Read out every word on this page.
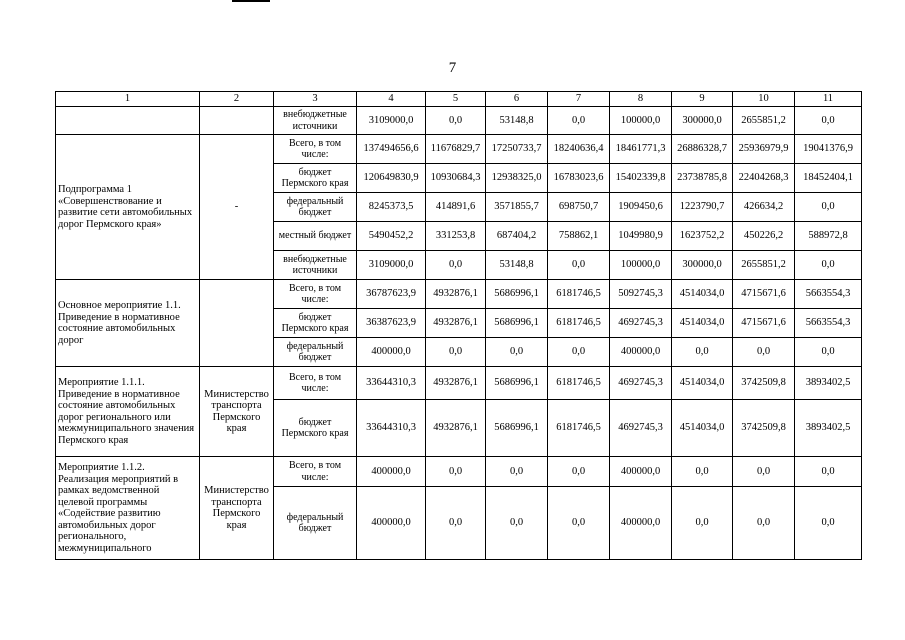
7
1	2	3	4	5	6	7	8	9	10	11
		внебюджетные источники	3109000,0	0,0	53148,8	0,0	100000,0	300000,0	2655851,2	0,0
Подпрограмма 1 «Совершенствование и развитие сети автомобильных дорог Пермского края»	-	Всего, в том числе:	137494656,6	11676829,7	17250733,7	18240636,4	18461771,3	26886328,7	25936979,9	19041376,9
		бюджет Пермского края	120649830,9	10930684,3	12938325,0	16783023,6	15402339,8	23738785,8	22404268,3	18452404,1
		федеральный бюджет	8245373,5	414891,6	3571855,7	698750,7	1909450,6	1223790,7	426634,2	0,0
		местный бюджет	5490452,2	331253,8	687404,2	758862,1	1049980,9	1623752,2	450226,2	588972,8
		внебюджетные источники	3109000,0	0,0	53148,8	0,0	100000,0	300000,0	2655851,2	0,0
Основное мероприятие 1.1. Приведение в нормативное состояние автомобильных дорог		Всего, в том числе:	36787623,9	4932876,1	5686996,1	6181746,5	5092745,3	4514034,0	4715671,6	5663554,3
		бюджет Пермского края	36387623,9	4932876,1	5686996,1	6181746,5	4692745,3	4514034,0	4715671,6	5663554,3
		федеральный бюджет	400000,0	0,0	0,0	0,0	400000,0	0,0	0,0	0,0
Мероприятие 1.1.1. Приведение в нормативное состояние автомобильных дорог регионального или межмуниципального значения Пермского края	Министерство транспорта Пермского края	Всего, в том числе:	33644310,3	4932876,1	5686996,1	6181746,5	4692745,3	4514034,0	3742509,8	3893402,5
		бюджет Пермского края	33644310,3	4932876,1	5686996,1	6181746,5	4692745,3	4514034,0	3742509,8	3893402,5
Мероприятие 1.1.2. Реализация мероприятий в рамках ведомственной целевой программы «Содействие развитию автомобильных дорог регионального, межмуниципального	Министерство транспорта Пермского края	Всего, в том числе:	400000,0	0,0	0,0	0,0	400000,0	0,0	0,0	0,0
		федеральный бюджет	400000,0	0,0	0,0	0,0	400000,0	0,0	0,0	0,0
